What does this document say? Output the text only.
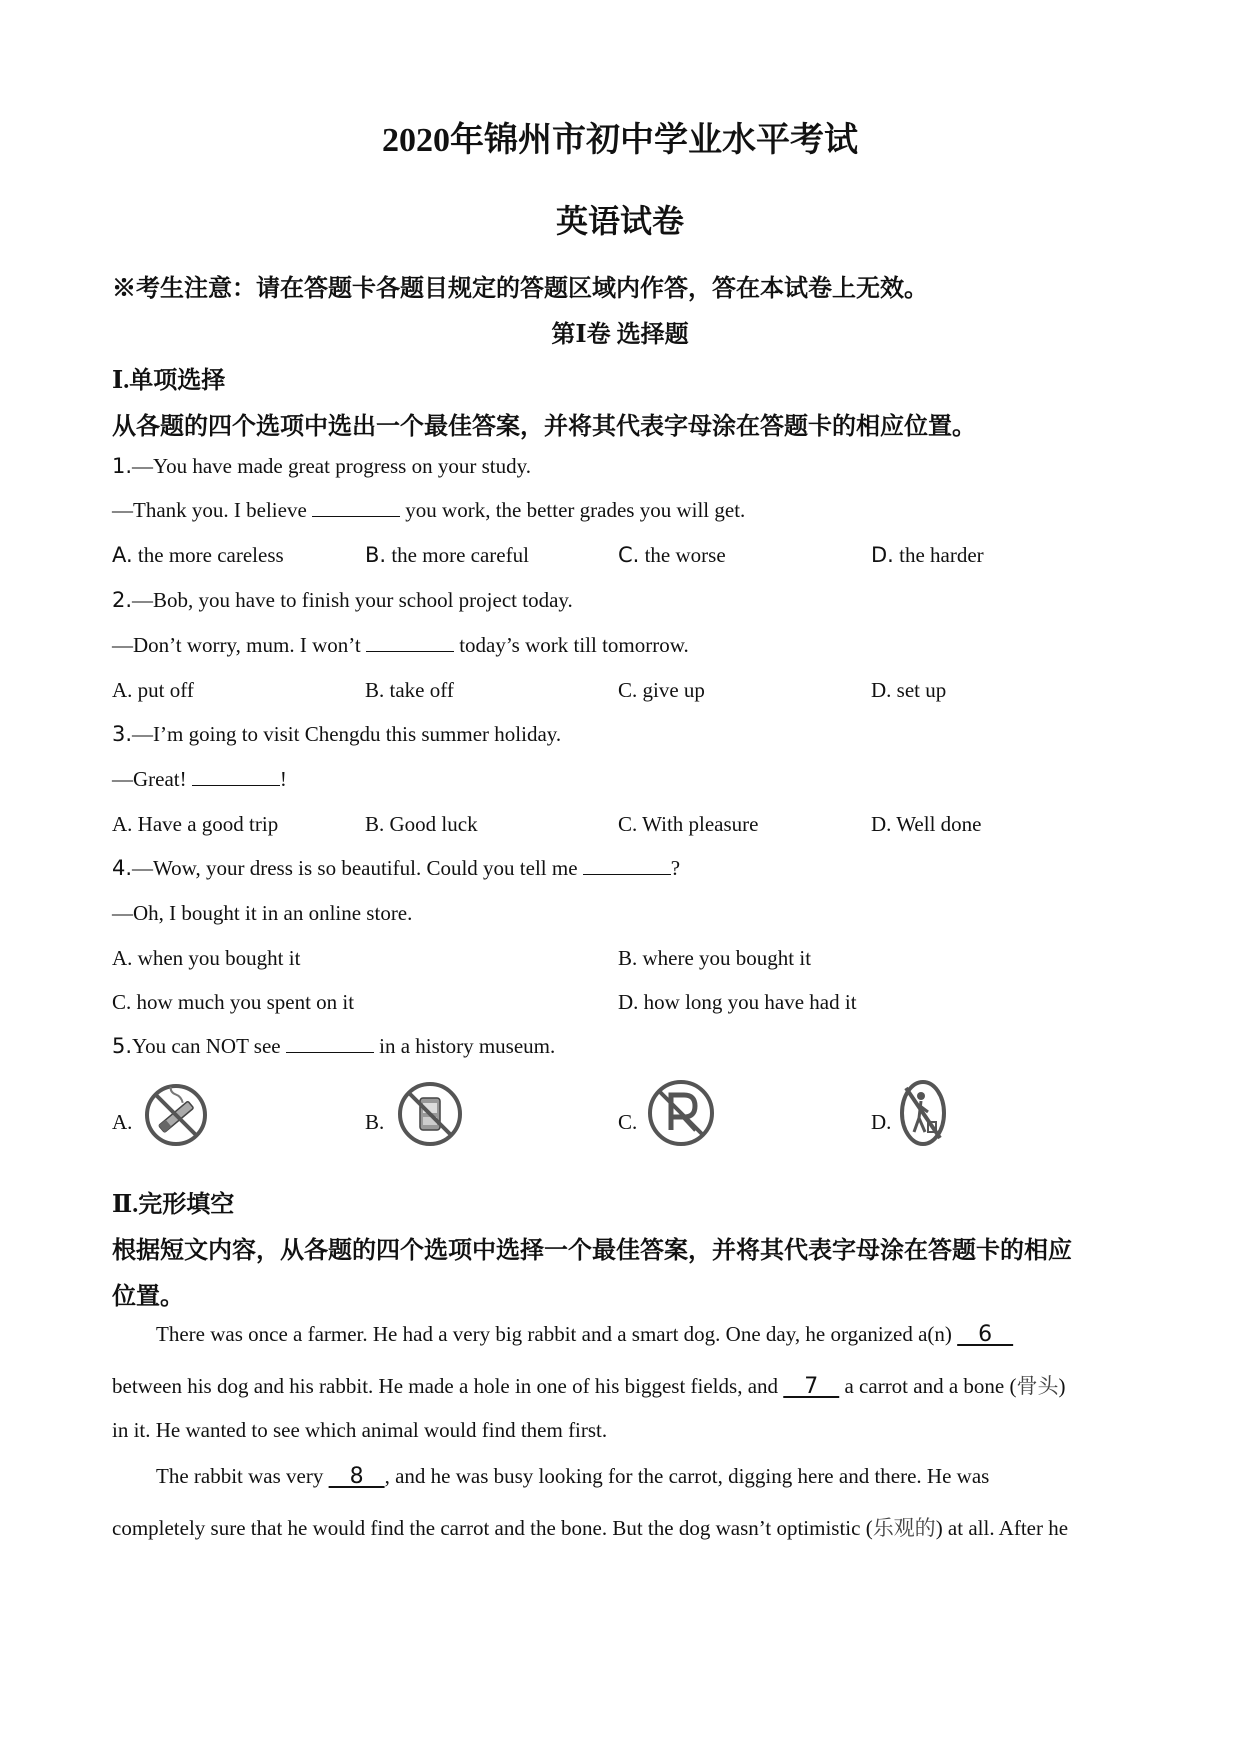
2020年锦州市初中学业水平考试
英语试卷
※考生注意：请在答题卡各题目规定的答题区域内作答，答在本试卷上无效。
第Ⅰ卷 选择题
Ⅰ.单项选择
从各题的四个选项中选出一个最佳答案，并将其代表字母涂在答题卡的相应位置。
1.—You have made great progress on your study.
—Thank you. I believe	you work, the better grades you will get.
A. the more careless	B. the more careful	C. the worse	D. the harder
2.—Bob, you have to finish your school project today.
—Don’t worry, mum. I won’t	today’s work till tomorrow.
A. put off	B. take off	C. give up	D. set up
3.—I’m going to visit Chengdu this summer holiday.
—Great!	!
A. Have a good trip	B. Good luck	C. With pleasure	D. Well done
4.—Wow, your dress is so beautiful. Could you tell me	?
—Oh, I bought it in an online store.
A. when you bought it	B. where you bought it
C. how much you spent on it	D. how long you have had it
5.You can NOT see	in a history museum.
A.	B.	C.	D.
Ⅱ.完形填空
根据短文内容，从各题的四个选项中选择一个最佳答案，并将其代表字母涂在答题卡的相应
位置。
There was once a farmer. He had a very big rabbit and a smart dog. One day, he organized a(n)    6
between his dog and his rabbit. He made a hole in one of his biggest fields, and    7    a carrot and a bone (骨头)
in it. He wanted to see which animal would find them first.
The rabbit was very    8   , and he was busy looking for the carrot, digging here and there. He was
completely sure that he would find the carrot and the bone. But the dog wasn’t optimistic (乐观的) at all. After he
